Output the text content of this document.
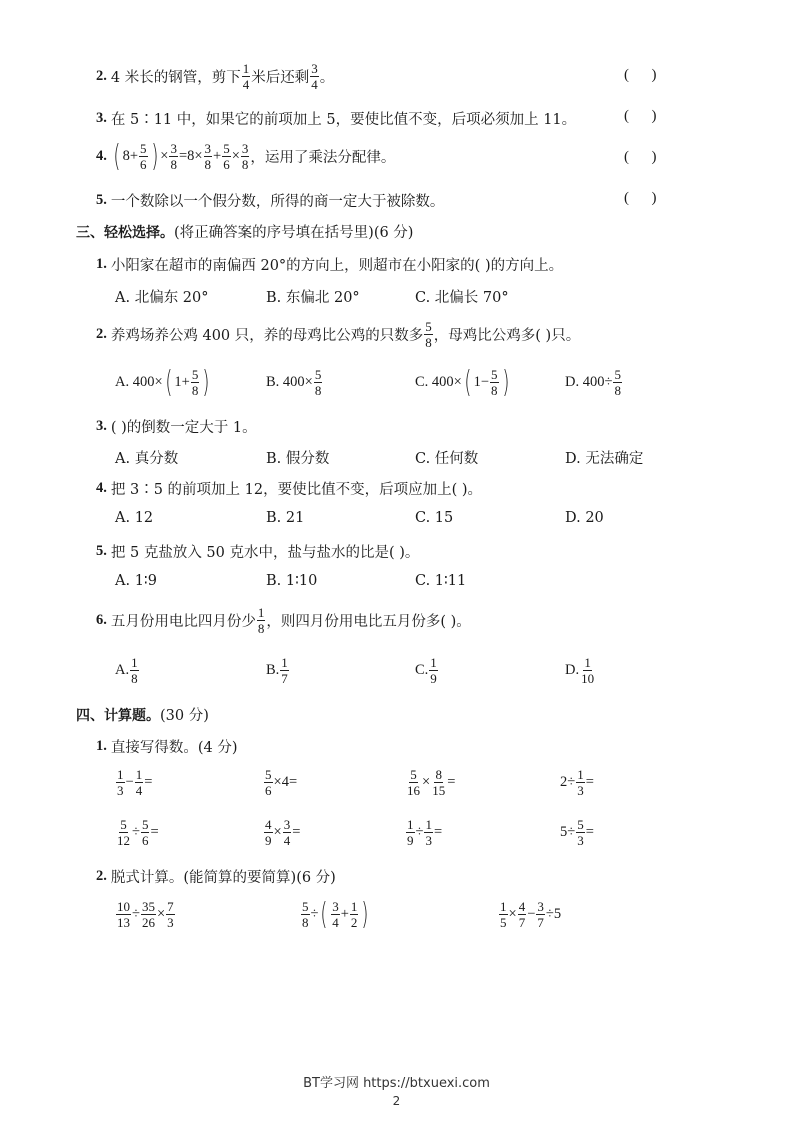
2. 4 米长的钢管，剪下 $\frac{1}{4}$ 米后还剩 $\frac{3}{4}$ 。	(      )
3. 在 5∶11 中，如果它的前项加上 5，要使比值不变，后项必须加上 11。	(      )
4. ( $8+ \frac{5}{6}$ ) × $\frac{3}{8} =8\times \frac{3}{8} + \frac{5}{6} \times \frac{3}{8}$ ，运用了乘法分配律。	(      )
5. 一个数除以一个假分数，所得的商一定大于被除数。	(      )
三、轻松选择。 (将正确答案的序号填在括号里)(6 分)
1. 小阳家在超市的南偏西 20°的方向上，则超市在小阳家的( )的方向上。
A. 北偏东 20°	B. 东偏北 20°	C. 北偏长 70°
2. 养鸡场养公鸡 400 只，养的母鸡比公鸡的只数多 $\frac{5}{8}$ ，母鸡比公鸡多( )只。
A. 400× ( $1+ \frac{5}{8}$ )	B. $400\times \frac{5}{8}$	C. 400× ( $1- \frac{5}{8}$ )	D. $400\div \frac{5}{8}$
3. ( )的倒数一定大于 1。
A. 真分数	B. 假分数	C. 任何数	D. 无法确定
4. 把 3∶5 的前项加上 12，要使比值不变，后项应加上( )。
A. 12	B. 21	C. 15	D. 20
5. 把 5 克盐放入 50 克水中，盐与盐水的比是( )。
A. 1∶9	B. 1∶10	C. 1∶11
6. 五月份用电比四月份少 $\frac{1}{8}$ ，则四月份用电比五月份多( )。
A. $\frac{1}{8}$	B. $\frac{1}{7}$	C. $\frac{1}{9}$	D. $\frac{1}{10}$
四、计算题。 (30 分)
1. 直接写得数。(4 分)
$\frac{1}{3} - \frac{1}{4}$ =	$\frac{5}{6} \times 4$ =	$\frac{5}{16} \times \frac{8}{15}$ =	$2 \div \frac{1}{3}$ =
$\frac{5}{12} \div \frac{5}{6}$ =	$\frac{4}{9} \times \frac{3}{4}$ =	$\frac{1}{9} \div \frac{1}{3}$ =	$5\div \frac{5}{3}$ =
2. 脱式计算。(能简算的要简算)(6 分)
$\frac{10}{13} \div \frac{35}{26} \times \frac{7}{3}$	$\frac{5}{8}$ ÷ ( $\frac{3}{4} + \frac{1}{2}$ )	$\frac{1}{5} \times \frac{4}{7} - \frac{3}{7} \div 5$
BT学习网 https://btxuexi.com
2
